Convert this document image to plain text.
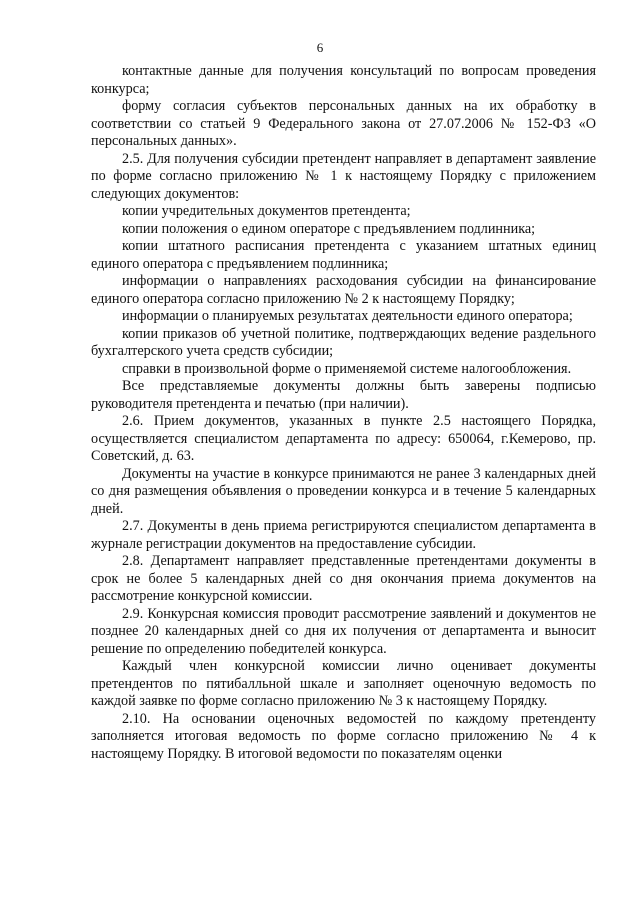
6

контактные данные для получения консультаций по вопросам проведения конкурса;

форму согласия субъектов персональных данных на их обработку в соответствии со статьей 9 Федерального закона от 27.07.2006 № 152-ФЗ «О персональных данных».

2.5. Для получения субсидии претендент направляет в департамент заявление по форме согласно приложению № 1 к настоящему Порядку с приложением следующих документов:

копии учредительных документов претендента;

копии положения о едином операторе с предъявлением подлинника;

копии штатного расписания претендента с указанием штатных единиц единого оператора с предъявлением подлинника;

информации о направлениях расходования субсидии на финансирование единого оператора согласно приложению № 2 к настоящему Порядку;

информации о планируемых результатах деятельности единого оператора;

копии приказов об учетной политике, подтверждающих ведение раздельного бухгалтерского учета средств субсидии;

справки в произвольной форме о применяемой системе налогообложения.

Все представляемые документы должны быть заверены подписью руководителя претендента и печатью (при наличии).

2.6. Прием документов, указанных в пункте 2.5 настоящего Порядка, осуществляется специалистом департамента по адресу: 650064, г.Кемерово, пр. Советский, д. 63.

Документы на участие в конкурсе принимаются не ранее 3 календарных дней со дня размещения объявления о проведении конкурса и в течение 5 календарных дней.

2.7. Документы в день приема регистрируются специалистом департамента в журнале регистрации документов на предоставление субсидии.

2.8. Департамент направляет представленные претендентами документы в срок не более 5 календарных дней со дня окончания приема документов на рассмотрение конкурсной комиссии.

2.9. Конкурсная комиссия проводит рассмотрение заявлений и документов не позднее 20 календарных дней со дня их получения от департамента и выносит решение по определению победителей конкурса.

Каждый член конкурсной комиссии лично оценивает документы претендентов по пятибалльной шкале и заполняет оценочную ведомость по каждой заявке по форме согласно приложению № 3 к настоящему Порядку.

2.10. На основании оценочных ведомостей по каждому претенденту заполняется итоговая ведомость по форме согласно приложению № 4 к настоящему Порядку. В итоговой ведомости по показателям оценки
